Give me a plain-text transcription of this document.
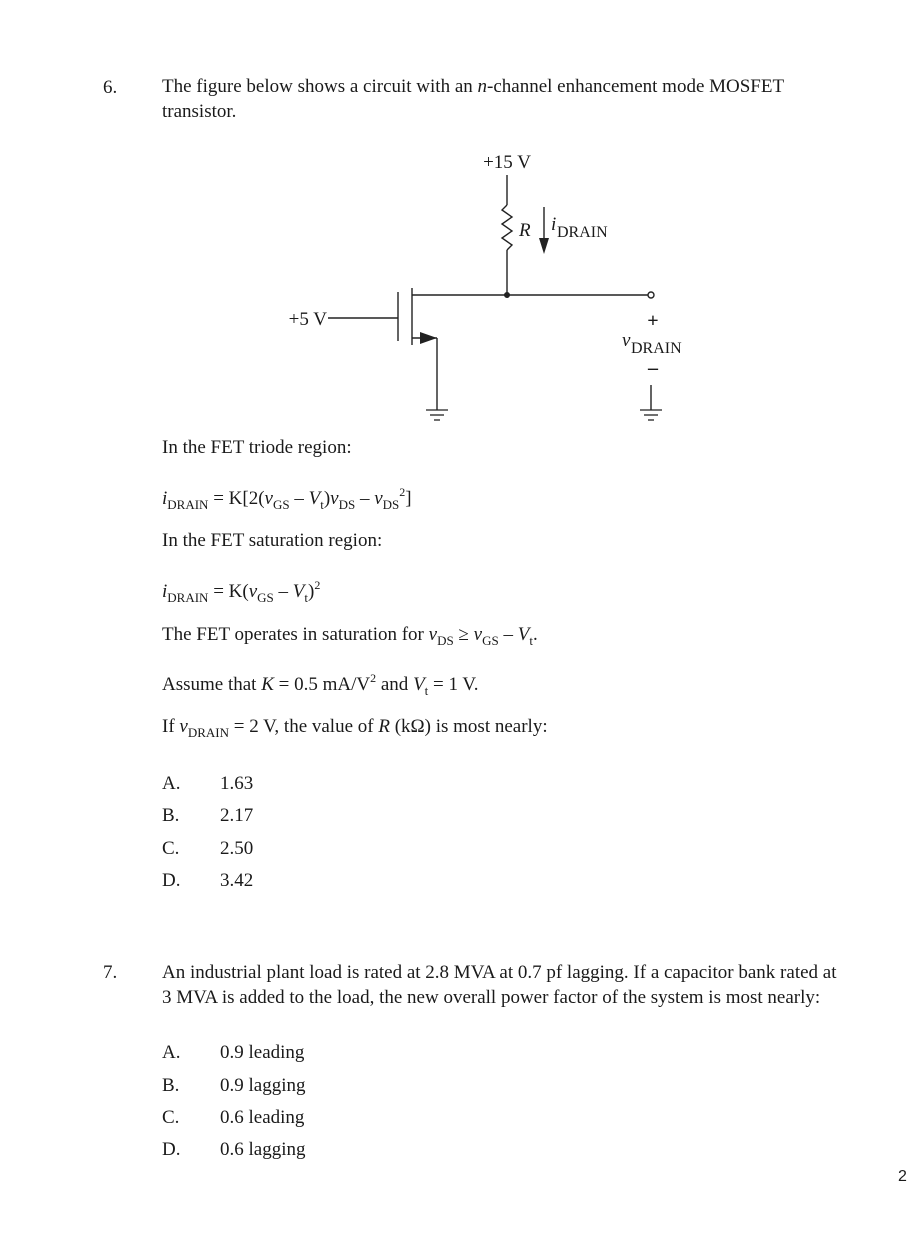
6. The figure below shows a circuit with an n-channel enhancement mode MOSFET
transistor.
+15 V
+5 V
R i DRAIN
+
v DRAIN
–
In the FET triode region:
$i_{DRAIN} = K[2(v_{GS} - V_t)v_{DS} - v_{DS}^2]$
In the FET saturation region:
$i_{DRAIN} = K(v_{GS} - V_t)^2$
The FET operates in saturation for $v_{DS} \ge v_{GS} - V_t$.
Assume that K = 0.5 $mA/V^2$ and $V_t = 1$ V.
If $v_{DRAIN} = 2$ V, the value of R (kΩ) is most nearly:
A. 1.63
B. 2.17
C. 2.50
D. 3.42
7. An industrial plant load is rated at 2.8 MVA at 0.7 pf lagging. If a capacitor bank rated at
3 MVA is added to the load, the new overall power factor of the system is most nearly:
A. 0.9 leading
B. 0.9 lagging
C. 0.6 leading
D. 0.6 lagging
2
